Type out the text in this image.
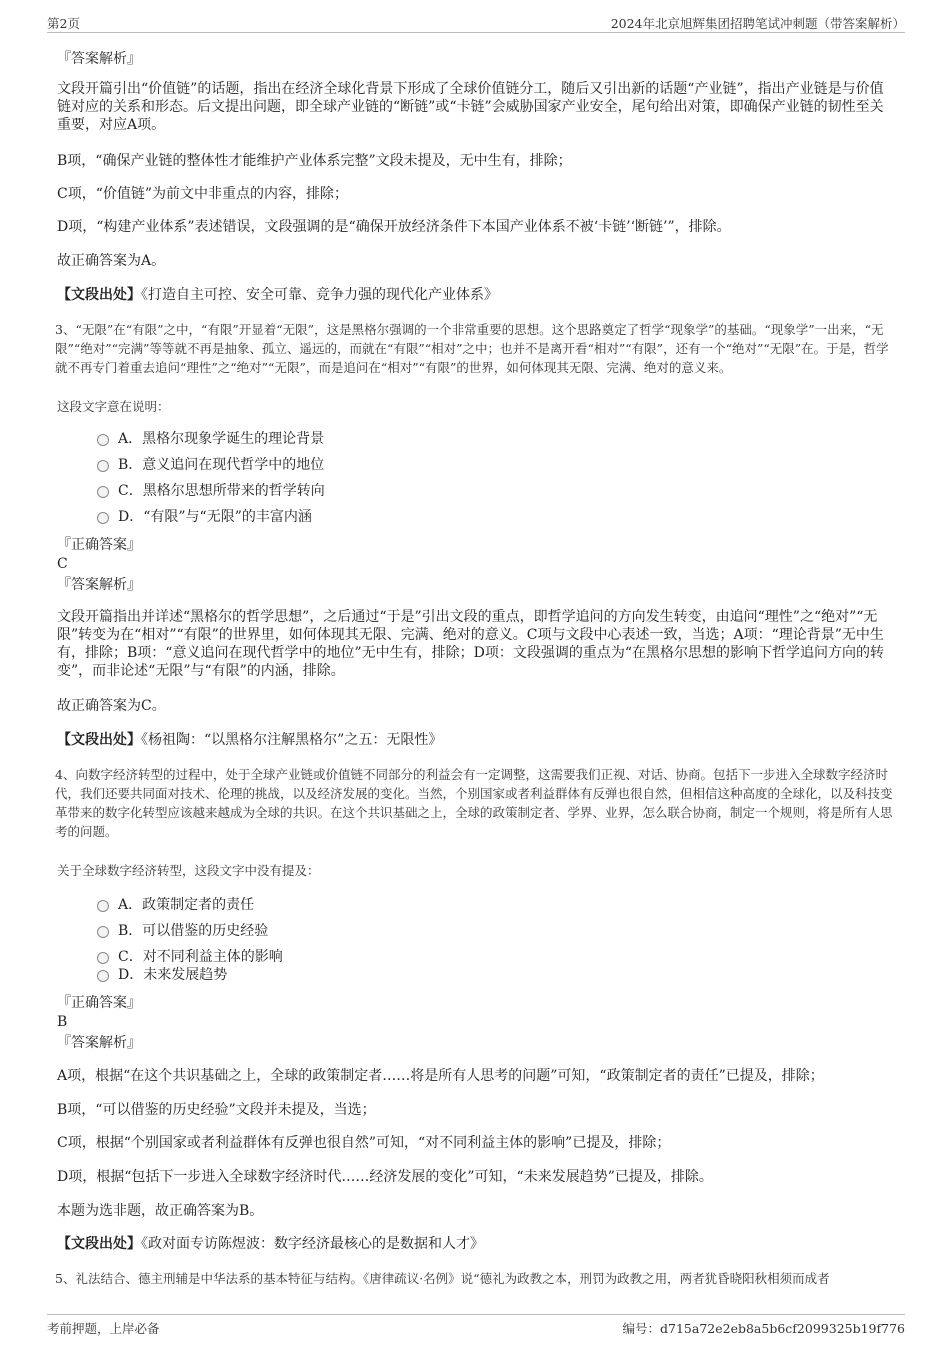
第2页	2024年北京旭辉集团招聘笔试冲刺题（带答案解析）

『答案解析』

文段开篇引出“价值链”的话题，指出在经济全球化背景下形成了全球价值链分工，随后又引出新的话题“产业链”，指出产业链是与价值链对应的关系和形态。后文提出问题，即全球产业链的“断链”或“卡链”会威胁国家产业安全，尾句给出对策，即确保产业链的韧性至关重要，对应A项。

B项，“确保产业链的整体性才能维护产业体系完整”文段未提及，无中生有，排除；

C项，“价值链”为前文中非重点的内容，排除；

D项，“构建产业体系”表述错误，文段强调的是“确保开放经济条件下本国产业体系不被‘卡链’‘断链’”，排除。

故正确答案为A。

【文段出处】《打造自主可控、安全可靠、竞争力强的现代化产业体系》

3、“无限”在“有限”之中，“有限”开显着“无限”，这是黑格尔强调的一个非常重要的思想。这个思路奠定了哲学“现象学”的基础。“现象学”一出来，“无限”“绝对”“完满”等等就不再是抽象、孤立、遥远的，而就在“有限”“相对”之中；也并不是离开看“相对”“有限”，还有一个“绝对”“无限”在。于是，哲学就不再专门着重去追问“理性”之“绝对”“无限”，而是追问在“相对”“有限”的世界，如何体现其无限、完满、绝对的意义来。

这段文字意在说明：

A．黑格尔现象学诞生的理论背景
B．意义追问在现代哲学中的地位
C．黑格尔思想所带来的哲学转向
D．“有限”与“无限”的丰富内涵

『正确答案』

C

『答案解析』

文段开篇指出并详述“黑格尔的哲学思想”，之后通过“于是”引出文段的重点，即哲学追问的方向发生转变，由追问“理性”之“绝对”“无限”转变为在“相对”“有限”的世界里，如何体现其无限、完满、绝对的意义。C项与文段中心表述一致，当选；A项：“理论背景”无中生有，排除；B项：“意义追问在现代哲学中的地位”无中生有，排除；D项：文段强调的重点为“在黑格尔思想的影响下哲学追问方向的转变”，而非论述“无限”与“有限”的内涵，排除。

故正确答案为C。

【文段出处】《杨祖陶：“以黑格尔注解黑格尔”之五：无限性》

4、向数字经济转型的过程中，处于全球产业链或价值链不同部分的利益会有一定调整，这需要我们正视、对话、协商。包括下一步进入全球数字经济时代，我们还要共同面对技术、伦理的挑战，以及经济发展的变化。当然，个别国家或者利益群体有反弹也很自然，但相信这种高度的全球化，以及科技变革带来的数字化转型应该越来越成为全球的共识。在这个共识基础之上，全球的政策制定者、学界、业界，怎么联合协商，制定一个规则，将是所有人思考的问题。

关于全球数字经济转型，这段文字中没有提及：

A．政策制定者的责任
B．可以借鉴的历史经验
C．对不同利益主体的影响
D．未来发展趋势

『正确答案』

B

『答案解析』

A项，根据“在这个共识基础之上，全球的政策制定者……将是所有人思考的问题”可知，“政策制定者的责任”已提及，排除；

B项，“可以借鉴的历史经验”文段并未提及，当选；

C项，根据“个别国家或者利益群体有反弹也很自然”可知，“对不同利益主体的影响”已提及，排除；

D项，根据“包括下一步进入全球数字经济时代……经济发展的变化”可知，“未来发展趋势”已提及，排除。

本题为选非题，故正确答案为B。

【文段出处】《政对面专访陈煜波：数字经济最核心的是数据和人才》

5、礼法结合、德主刑辅是中华法系的基本特征与结构。《唐律疏议·名例》说“德礼为政教之本，刑罚为政教之用，两者犹昏晓阳秋相须而成者

考前押题，上岸必备	编号：d715a72e2eb8a5b6cf2099325b19f776
